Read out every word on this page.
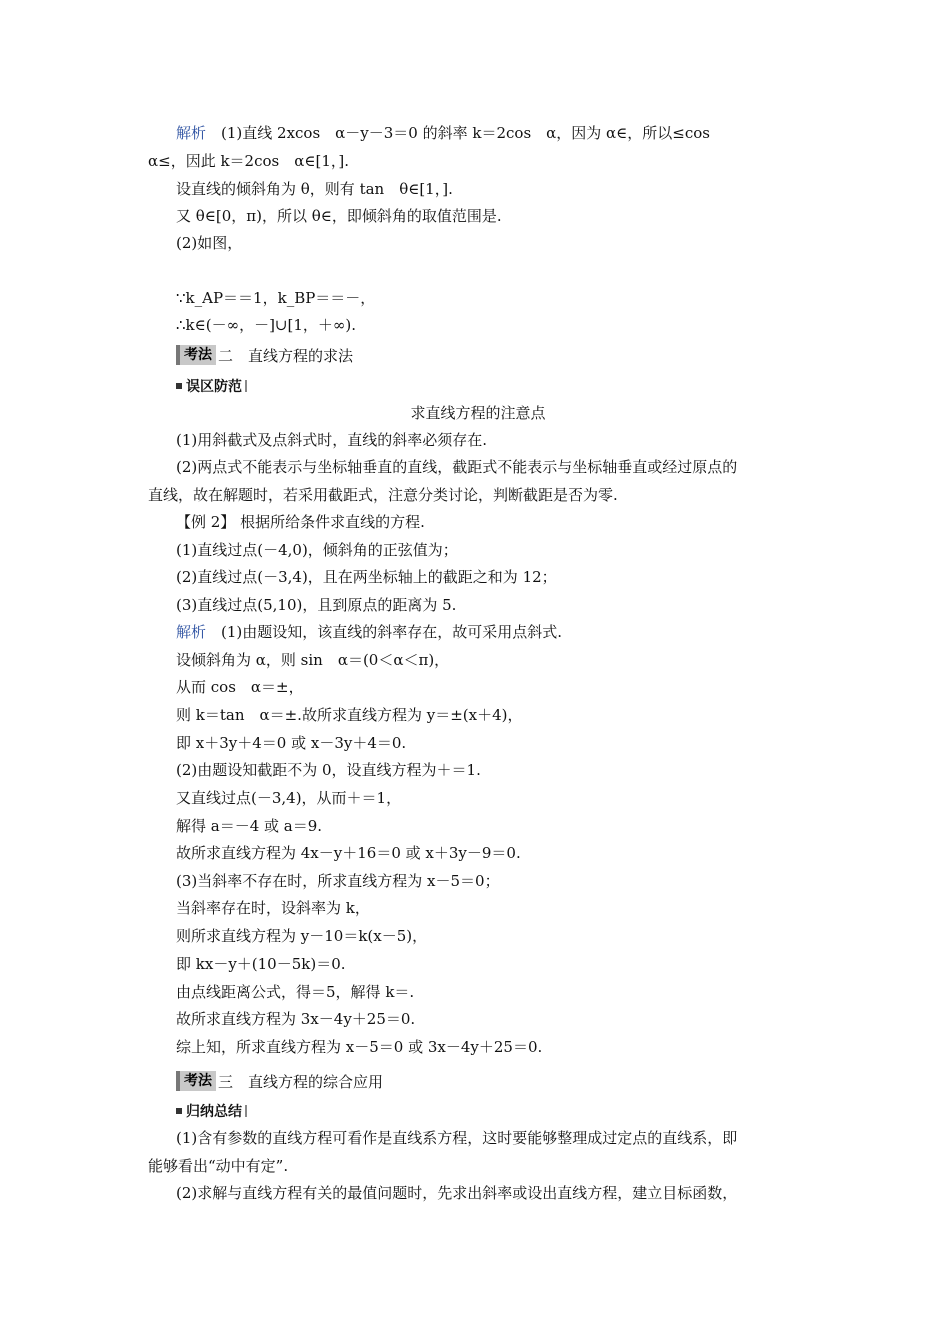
解析　(1)直线 2xcos　α－y－3＝0 的斜率 k＝2cos　α，因为 α∈，所以≤cos
α≤，因此 k＝2cos　α∈[1，].
设直线的倾斜角为 θ，则有 tan　θ∈[1，].
又 θ∈[0，π)，所以 θ∈，即倾斜角的取值范围是.
(2)如图，
∵k_AP＝＝1，k_BP＝＝－，
∴k∈(－∞，－]∪[1，＋∞).
考法 二　直线方程的求法
误区防范
求直线方程的注意点
(1)用斜截式及点斜式时，直线的斜率必须存在.
(2)两点式不能表示与坐标轴垂直的直线，截距式不能表示与坐标轴垂直或经过原点的
直线，故在解题时，若采用截距式，注意分类讨论，判断截距是否为零.
【例 2】 根据所给条件求直线的方程.
(1)直线过点(－4,0)，倾斜角的正弦值为；
(2)直线过点(－3,4)，且在两坐标轴上的截距之和为 12；
(3)直线过点(5,10)，且到原点的距离为 5.
解析　(1)由题设知，该直线的斜率存在，故可采用点斜式.
设倾斜角为 α，则 sin　α＝(0＜α＜π)，
从而 cos　α＝±，
则 k＝tan　α＝±.故所求直线方程为 y＝±(x＋4)，
即 x＋3y＋4＝0 或 x－3y＋4＝0.
(2)由题设知截距不为 0，设直线方程为＋＝1.
又直线过点(－3,4)，从而＋＝1，
解得 a＝－4 或 a＝9.
故所求直线方程为 4x－y＋16＝0 或 x＋3y－9＝0.
(3)当斜率不存在时，所求直线方程为 x－5＝0；
当斜率存在时，设斜率为 k，
则所求直线方程为 y－10＝k(x－5)，
即 kx－y＋(10－5k)＝0.
由点线距离公式，得＝5，解得 k＝.
故所求直线方程为 3x－4y＋25＝0.
综上知，所求直线方程为 x－5＝0 或 3x－4y＋25＝0.
考法 三　直线方程的综合应用
归纳总结
(1)含有参数的直线方程可看作是直线系方程，这时要能够整理成过定点的直线系，即
能够看出“动中有定”.
(2)求解与直线方程有关的最值问题时，先求出斜率或设出直线方程，建立目标函数，
